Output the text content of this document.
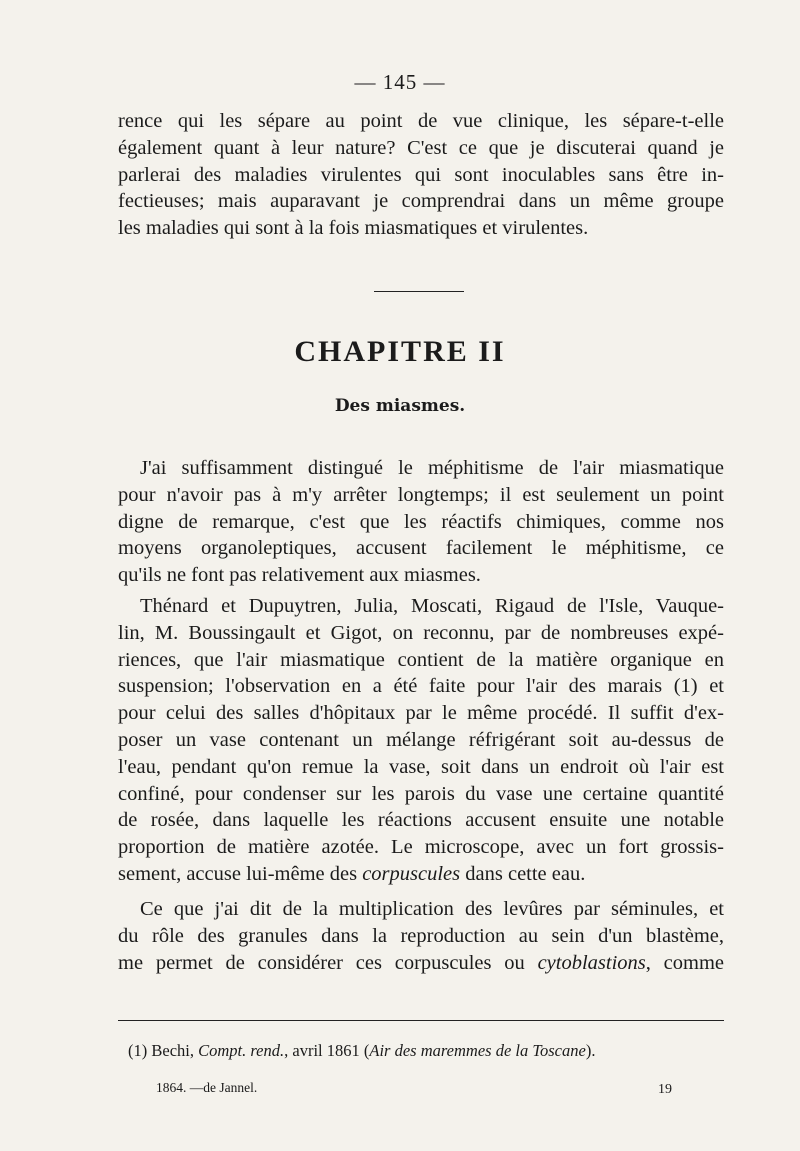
— 145 —
rence qui les sépare au point de vue clinique, les sépare-t-elle
également quant à leur nature? C'est ce que je discuterai quand je
parlerai des maladies virulentes qui sont inoculables sans être in-
fectieuses; mais auparavant je comprendrai dans un même groupe
les maladies qui sont à la fois miasmatiques et virulentes.
CHAPITRE II
Des miasmes.
J'ai suffisamment distingué le méphitisme de l'air miasmatique
pour n'avoir pas à m'y arrêter longtemps; il est seulement un point
digne de remarque, c'est que les réactifs chimiques, comme nos
moyens organoleptiques, accusent facilement le méphitisme, ce
qu'ils ne font pas relativement aux miasmes.
Thénard et Dupuytren, Julia, Moscati, Rigaud de l'Isle, Vauque-
lin, M. Boussingault et Gigot, on reconnu, par de nombreuses expé-
riences, que l'air miasmatique contient de la matière organique en
suspension; l'observation en a été faite pour l'air des marais (1) et
pour celui des salles d'hôpitaux par le même procédé. Il suffit d'ex-
poser un vase contenant un mélange réfrigérant soit au-dessus de
l'eau, pendant qu'on remue la vase, soit dans un endroit où l'air est
confiné, pour condenser sur les parois du vase une certaine quantité
de rosée, dans laquelle les réactions accusent ensuite une notable
proportion de matière azotée. Le microscope, avec un fort grossis-
sement, accuse lui-même des corpuscules dans cette eau.
Ce que j'ai dit de la multiplication des levûres par séminules, et
du rôle des granules dans la reproduction au sein d'un blastème,
me permet de considérer ces corpuscules ou cytoblastions, comme
(1) Bechi, Compt. rend., avril 1861 (Air des maremmes de la Toscane).
1864. —de Jannel.	19
